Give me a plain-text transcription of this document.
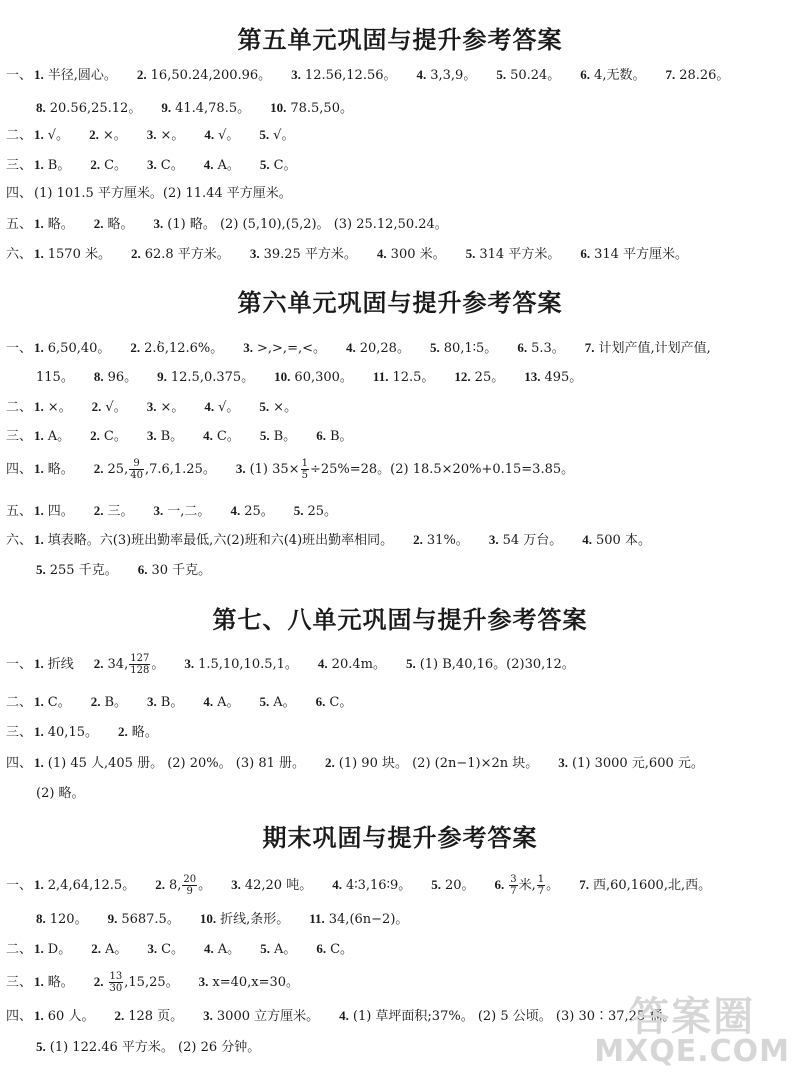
第五单元巩固与提升参考答案
一、 1. 半径,圆心。 2. 16,50.24,200.96。 3. 12.56,12.56。 4. 3,3,9。 5. 50.24。 6. 4,无数。 7. 28.26。
8. 20.56,25.12。 9. 41.4,78.5。 10. 78.5,50。
二、 1. √。 2. ×。 3. ×。 4. √。 5. √。
三、 1. B。 2. C。 3. C。 4. A。 5. C。
四、 (1) 101.5 平方厘米。(2) 11.44 平方厘米。
五、 1. 略。 2. 略。 3. (1) 略。 (2) (5,10),(5,2)。 (3) 25.12,50.24。
六、 1. 1570 米。 2. 62.8 平方米。 3. 39.25 平方米。 4. 300 米。 5. 314 平方米。 6. 314 平方厘米。
第六单元巩固与提升参考答案
一、 1. 6,50,40。 2. 2.· 6,12.6%。 3. >,>,=,<。 4. 20,28。 5. 80,1∶5。 6. 5.3。 7. 计划产值,计划产值,
115。 8. 96。 9. 12.5,0.375。 10. 60,300。 11. 12.5。 12. 25。 13. 495。
二、 1. ×。 2. √。 3. ×。 4. √。 5. ×。
三、 1. A。 2. C。 3. B。 4. C。 5. B。 6. B。
四、 1. 略。 2. 25, $\frac{9}{40} ,7.6,1.25$。 3. (1) $35\times \frac{1}{5} \div 25\%=28$。(2) 18.5×20%+0.15=3.85。
五、 1. 四。 2. 三。 3. 一,二。 4. 25。 5. 25。
六、 1. 填表略。六(3)班出勤率最低,六(2)班和六(4)班出勤率相同。 2. 31%。 3. 54 万台。 4. 500 本。
5. 255 千克。 6. 30 千克。
第七、八单元巩固与提升参考答案
一、 1. 折线 2. 34, $\frac{127}{128}$ 。 3. 1.5,10,10.5,1。 4. 20.4m。 5. (1) B,40,16。(2)30,12。
二、 1. C。 2. B。 3. B。 4. A。 5. A。 6. C。
三、 1. 40,15。 2. 略。
四、 1. (1) 45 人,405 册。 (2) 20%。 (3) 81 册。 2. (1) 90 块。 (2) (2n−1)×2n 块。 3. (1) 3000 元,600 元。
(2) 略。
期末巩固与提升参考答案
一、 1. 2,4,64,12.5。 2. 8, $\frac{20}{9}$ 。 3. 42,20 吨。 4. 4∶3,16∶9。 5. 20。 6. $\frac{3}{7}$ 米, $\frac{1}{7}$ 。 7. 西,60,1600,北,西。
8. 120。 9. 5687.5。 10. 折线,条形。 11. 34,(6n−2)。
二、 1. D。 2. A。 3. C。 4. A。 5. A。 6. C。
三、 1. 略。 2. $\frac{13}{30} ,15,25$。 3. x=40,x=30。
四、 1. 60 人。 2. 128 页。 3. 3000 立方厘米。 4. (1) 草坪面积;37%。 (2) 5 公顷。 (3) 30∶37,25 桶。
5. (1) 122.46 平方米。 (2) 26 分钟。
答案圈
MXQE.COM
